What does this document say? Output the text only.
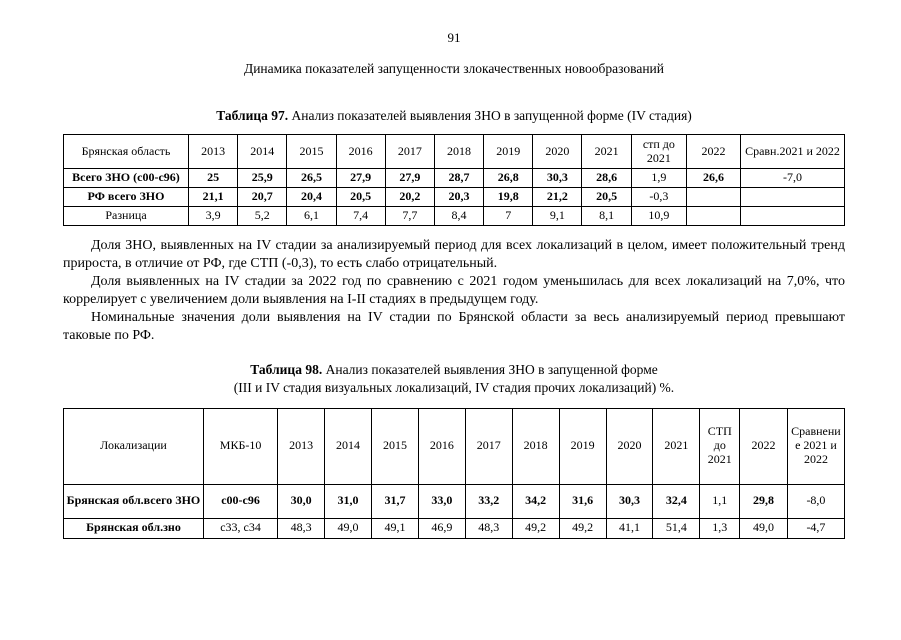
91
Динамика показателей запущенности злокачественных новообразований

Таблица 97. Анализ показателей выявления ЗНО в запущенной форме (IV стадия)

Брянская область	2013	2014	2015	2016	2017	2018	2019	2020	2021	стп до 2021	2022	Сравн.2021 и 2022
Всего ЗНО (с00-с96)	25	25,9	26,5	27,9	27,9	28,7	26,8	30,3	28,6	1,9	26,6	-7,0
РФ всего ЗНО	21,1	20,7	20,4	20,5	20,2	20,3	19,8	21,2	20,5	-0,3		
Разница	3,9	5,2	6,1	7,4	7,7	8,4	7	9,1	8,1	10,9		

Доля ЗНО, выявленных на IV стадии за анализируемый период для всех локализаций в целом, имеет положительный тренд прироста, в отличие от РФ, где СТП (-0,3), то есть слабо отрицательный.

Доля выявленных на IV стадии за 2022 год по сравнению с 2021 годом уменьшилась для всех локализаций на 7,0%, что коррелирует с увеличением доли выявления на I-II стадиях в предыдущем году.

Номинальные значения доли выявления на IV стадии по Брянской области за весь анализируемый период превышают таковые по РФ.

Таблица 98. Анализ показателей выявления ЗНО в запущенной форме
(III и IV стадия визуальных локализаций, IV стадия прочих локализаций) %.

Локализации	МКБ-10	2013	2014	2015	2016	2017	2018	2019	2020	2021	СТП до 2021	2022	Сравнение 2021 и 2022
Брянская обл.всего ЗНО	с00-с96	30,0	31,0	31,7	33,0	33,2	34,2	31,6	30,3	32,4	1,1	29,8	-8,0
Брянская обл.зно	с33, с34	48,3	49,0	49,1	46,9	48,3	49,2	49,2	41,1	51,4	1,3	49,0	-4,7
